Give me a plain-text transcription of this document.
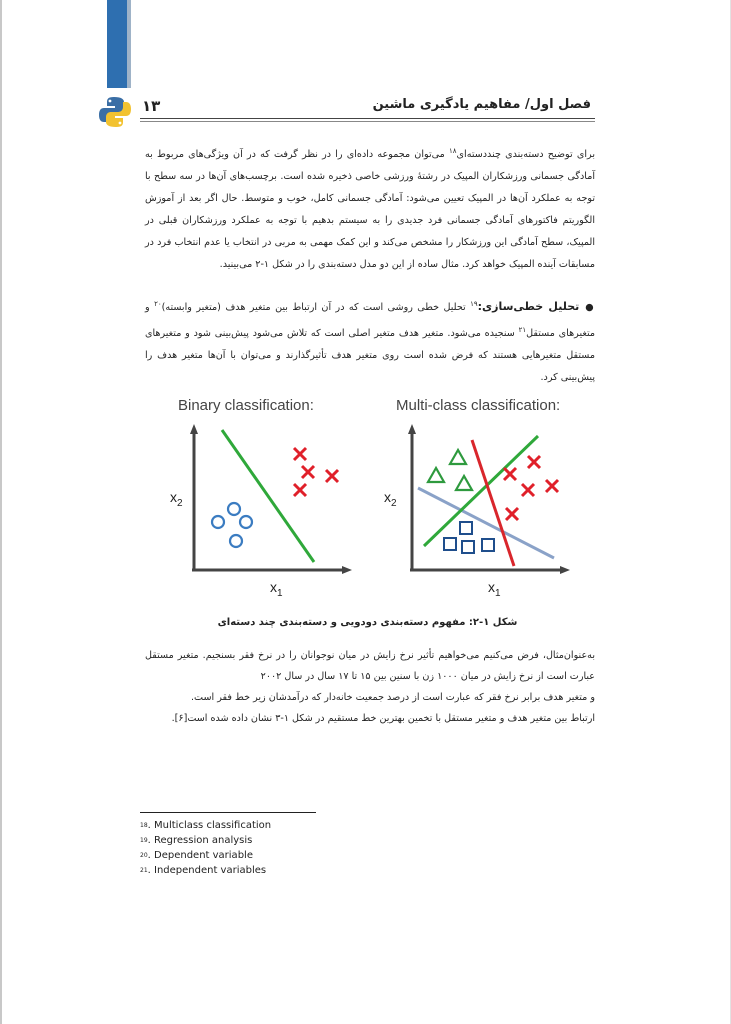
۱۳	فصل اول/ مفاهیم یادگیری ماشین

برای توضیح دسته‌بندی چنددسته‌ای$^{۱۸}$ می‌توان مجموعه داده‌ای را در نظر گرفت که در آن ویژگی‌های مربوط به آمادگی جسمانی ورزشکاران المپیک در رشتهٔ ورزشی خاصی ذخیره شده است. برچسب‌های آن‌ها در سه سطح با توجه به عملکرد آن‌ها در المپیک تعیین می‌شود: آمادگی جسمانی کامل، خوب و متوسط. حال اگر بعد از آموزش الگوریتم فاکتورهای آمادگی جسمانی فرد جدیدی را به سیستم بدهیم با توجه به عملکرد ورزشکاران قبلی در المپیک، سطح آمادگی این ورزشکار را مشخص می‌کند و این کمک مهمی به مربی در انتخاب یا عدم انتخاب فرد در مسابقات آینده المپیک خواهد کرد. مثال ساده از این دو مدل دسته‌بندی را در شکل ۱-۲ می‌بینید.

●تحلیل خطی‌سازی:$^{۱۹}$ تحلیل خطی روشی است که در آن ارتباط بین متغیر هدف (متغیر وابسته)$^{۲۰}$ و متغیرهای مستقل$^{۲۱}$ سنجیده می‌شود. متغیر هدف متغیر اصلی است که تلاش می‌شود پیش‌بینی شود و متغیرهای مستقل متغیرهایی هستند که فرض شده است روی متغیر هدف تأثیرگذارند و می‌توان با آن‌ها متغیر هدف را پیش‌بینی کرد.

Binary classification:	Multi-class classification:
$x_2$
$x_1$
$x_2$
$x_1$
شکل ۱-۲: مفهوم دسته‌بندی دودویی و دسته‌بندی چند دسته‌ای

به‌عنوان‌مثال، فرض می‌کنیم می‌خواهیم تأثیر نرخ زایش در میان نوجوانان را در نرخ فقر بسنجیم. متغیر مستقل عبارت است از نرخ زایش در میان ۱۰۰۰ زن با سنین بین ۱۵ تا ۱۷ سال در سال ۲۰۰۲

و متغیر هدف برابر نرخ فقر که عبارت است از درصد جمعیت خانه‌دار که درآمدشان زیر خط فقر است.

ارتباط بین متغیر هدف و متغیر مستقل با تخمین بهترین خط مستقیم در شکل ۱-۳ نشان داده شده است[۶].

$^{18}$. Multiclass classification
$^{19}$. Regression analysis
$^{20}$. Dependent variable
$^{21}$. Independent variables
